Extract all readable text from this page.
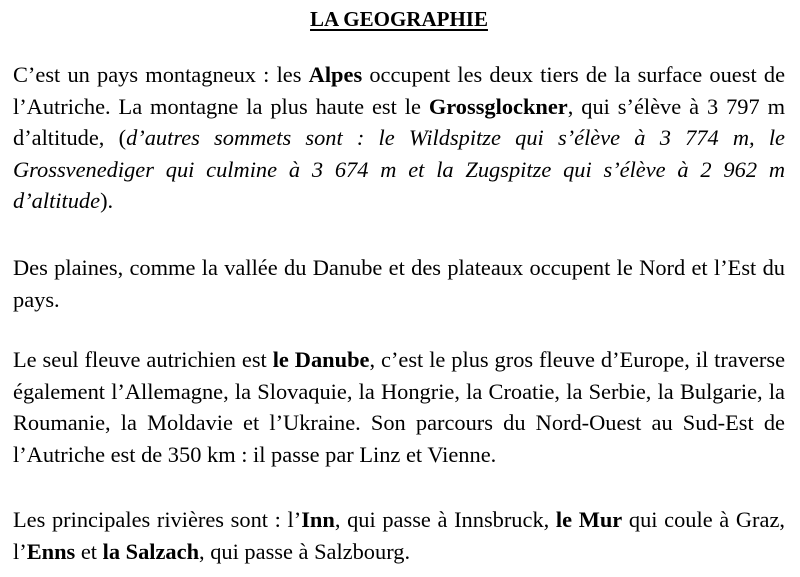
LA GEOGRAPHIE

C’est un pays montagneux : les Alpes occupent les deux tiers de la surface ouest de l’Autriche. La montagne la plus haute est le Grossglockner, qui s’élève à 3 797 m d’altitude, (d’autres sommets sont : le Wildspitze qui s’élève à 3 774 m, le Grossvenediger qui culmine à 3 674 m et la Zugspitze qui s’élève à 2 962 m d’altitude).

Des plaines, comme la vallée du Danube et des plateaux occupent le Nord et l’Est du pays.

Le seul fleuve autrichien est le Danube, c’est le plus gros fleuve d’Europe, il traverse également l’Allemagne, la Slovaquie, la Hongrie, la Croatie, la Serbie, la Bulgarie, la Roumanie, la Moldavie et l’Ukraine. Son parcours du Nord-Ouest au Sud-Est de l’Autriche est de 350 km : il passe par Linz et Vienne.

Les principales rivières sont : l’Inn, qui passe à Innsbruck, le Mur qui coule à Graz, l’Enns et la Salzach, qui passe à Salzbourg.
